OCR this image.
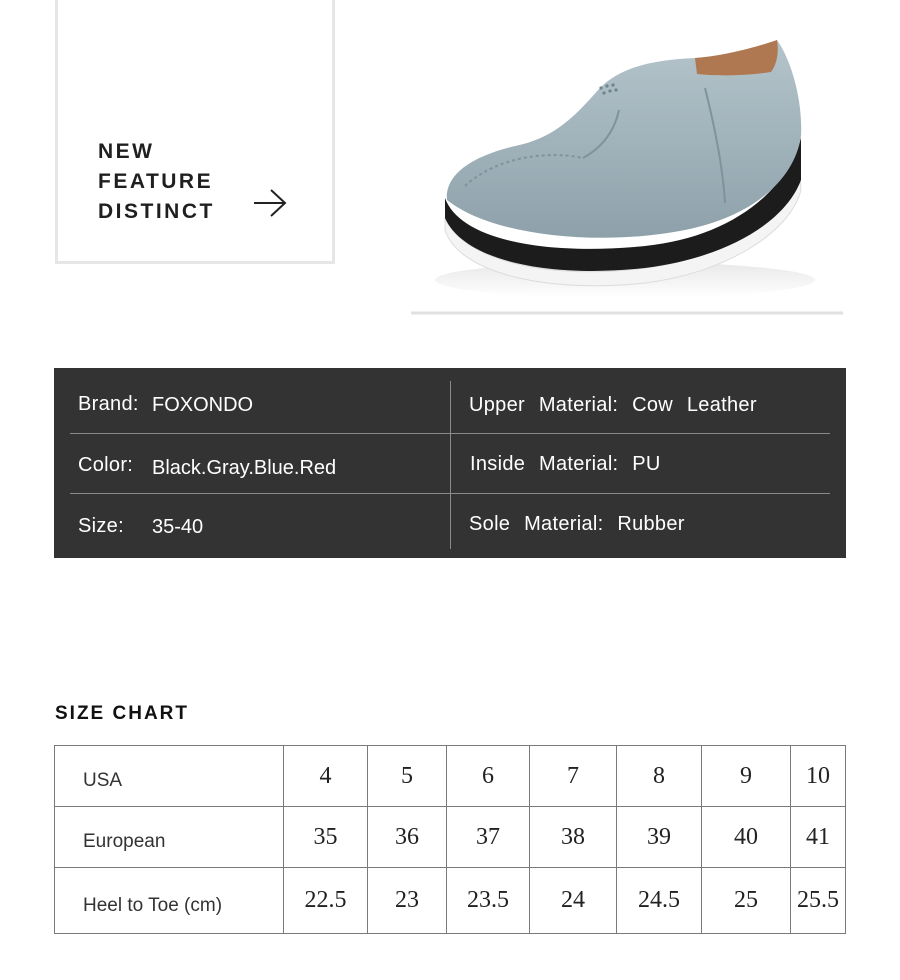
NEW
FEATURE
DISTINCT
Brand: FOXONDO	Upper Material: Cow Leather
Color: Black.Gray.Blue.Red	Inside Material: PU
Size: 35-40	Sole Material: Rubber
SIZE CHART
USA	4	5	6	7	8	9	10
European	35	36	37	38	39	40	41
Heel to Toe (cm)	22.5	23	23.5	24	24.5	25	25.5
